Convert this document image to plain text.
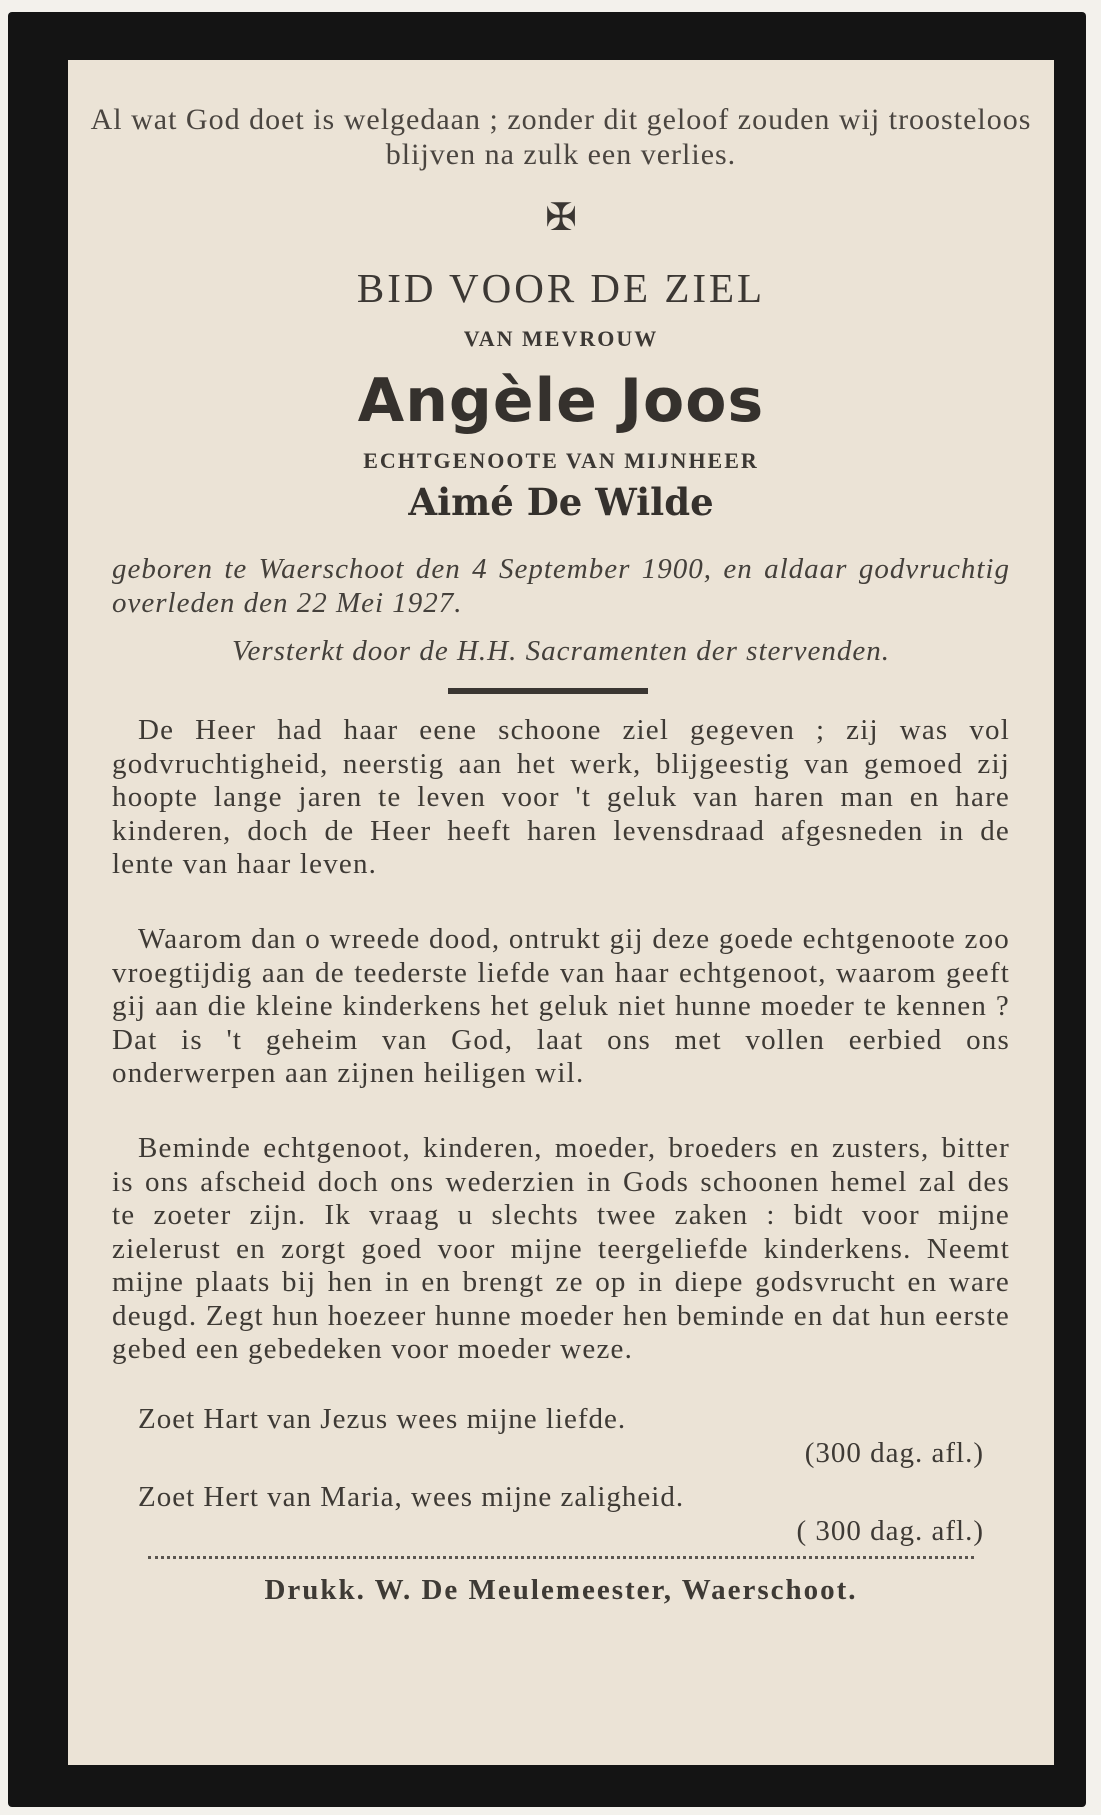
Al wat God doet is welgedaan ; zonder dit geloof zouden wij troosteloos blijven na zulk een verlies.
✠
BID VOOR DE ZIEL
VAN MEVROUW
Angèle Joos
ECHTGENOOTE VAN MIJNHEER
Aimé De Wilde
geboren te Waerschoot den 4 September 1900, en aldaar godvruchtig overleden den 22 Mei 1927.
Versterkt door de H.H. Sacramenten der stervenden.

De Heer had haar eene schoone ziel gegeven ; zij was vol godvruchtigheid, neerstig aan het werk, blijgeestig van gemoed zij hoopte lange jaren te leven voor 't geluk van haren man en hare kinderen, doch de Heer heeft haren levensdraad afgesneden in de lente van haar leven.

Waarom dan o wreede dood, ontrukt gij deze goede echtgenoote zoo vroegtijdig aan de teederste liefde van haar echtgenoot, waarom geeft gij aan die kleine kinderkens het geluk niet hunne moeder te kennen ? Dat is 't geheim van God, laat ons met vollen eerbied ons onderwerpen aan zijnen heiligen wil.

Beminde echtgenoot, kinderen, moeder, broeders en zusters, bitter is ons afscheid doch ons wederzien in Gods schoonen hemel zal des te zoeter zijn. Ik vraag u slechts twee zaken : bidt voor mijne zielerust en zorgt goed voor mijne teergeliefde kinderkens. Neemt mijne plaats bij hen in en brengt ze op in diepe godsvrucht en ware deugd. Zegt hun hoezeer hunne moeder hen beminde en dat hun eerste gebed een gebedeken voor moeder weze.

Zoet Hart van Jezus wees mijne liefde.
(300 dag. afl.)
Zoet Hert van Maria, wees mijne zaligheid.
( 300 dag. afl.)
Drukk. W. De Meulemeester, Waerschoot.
